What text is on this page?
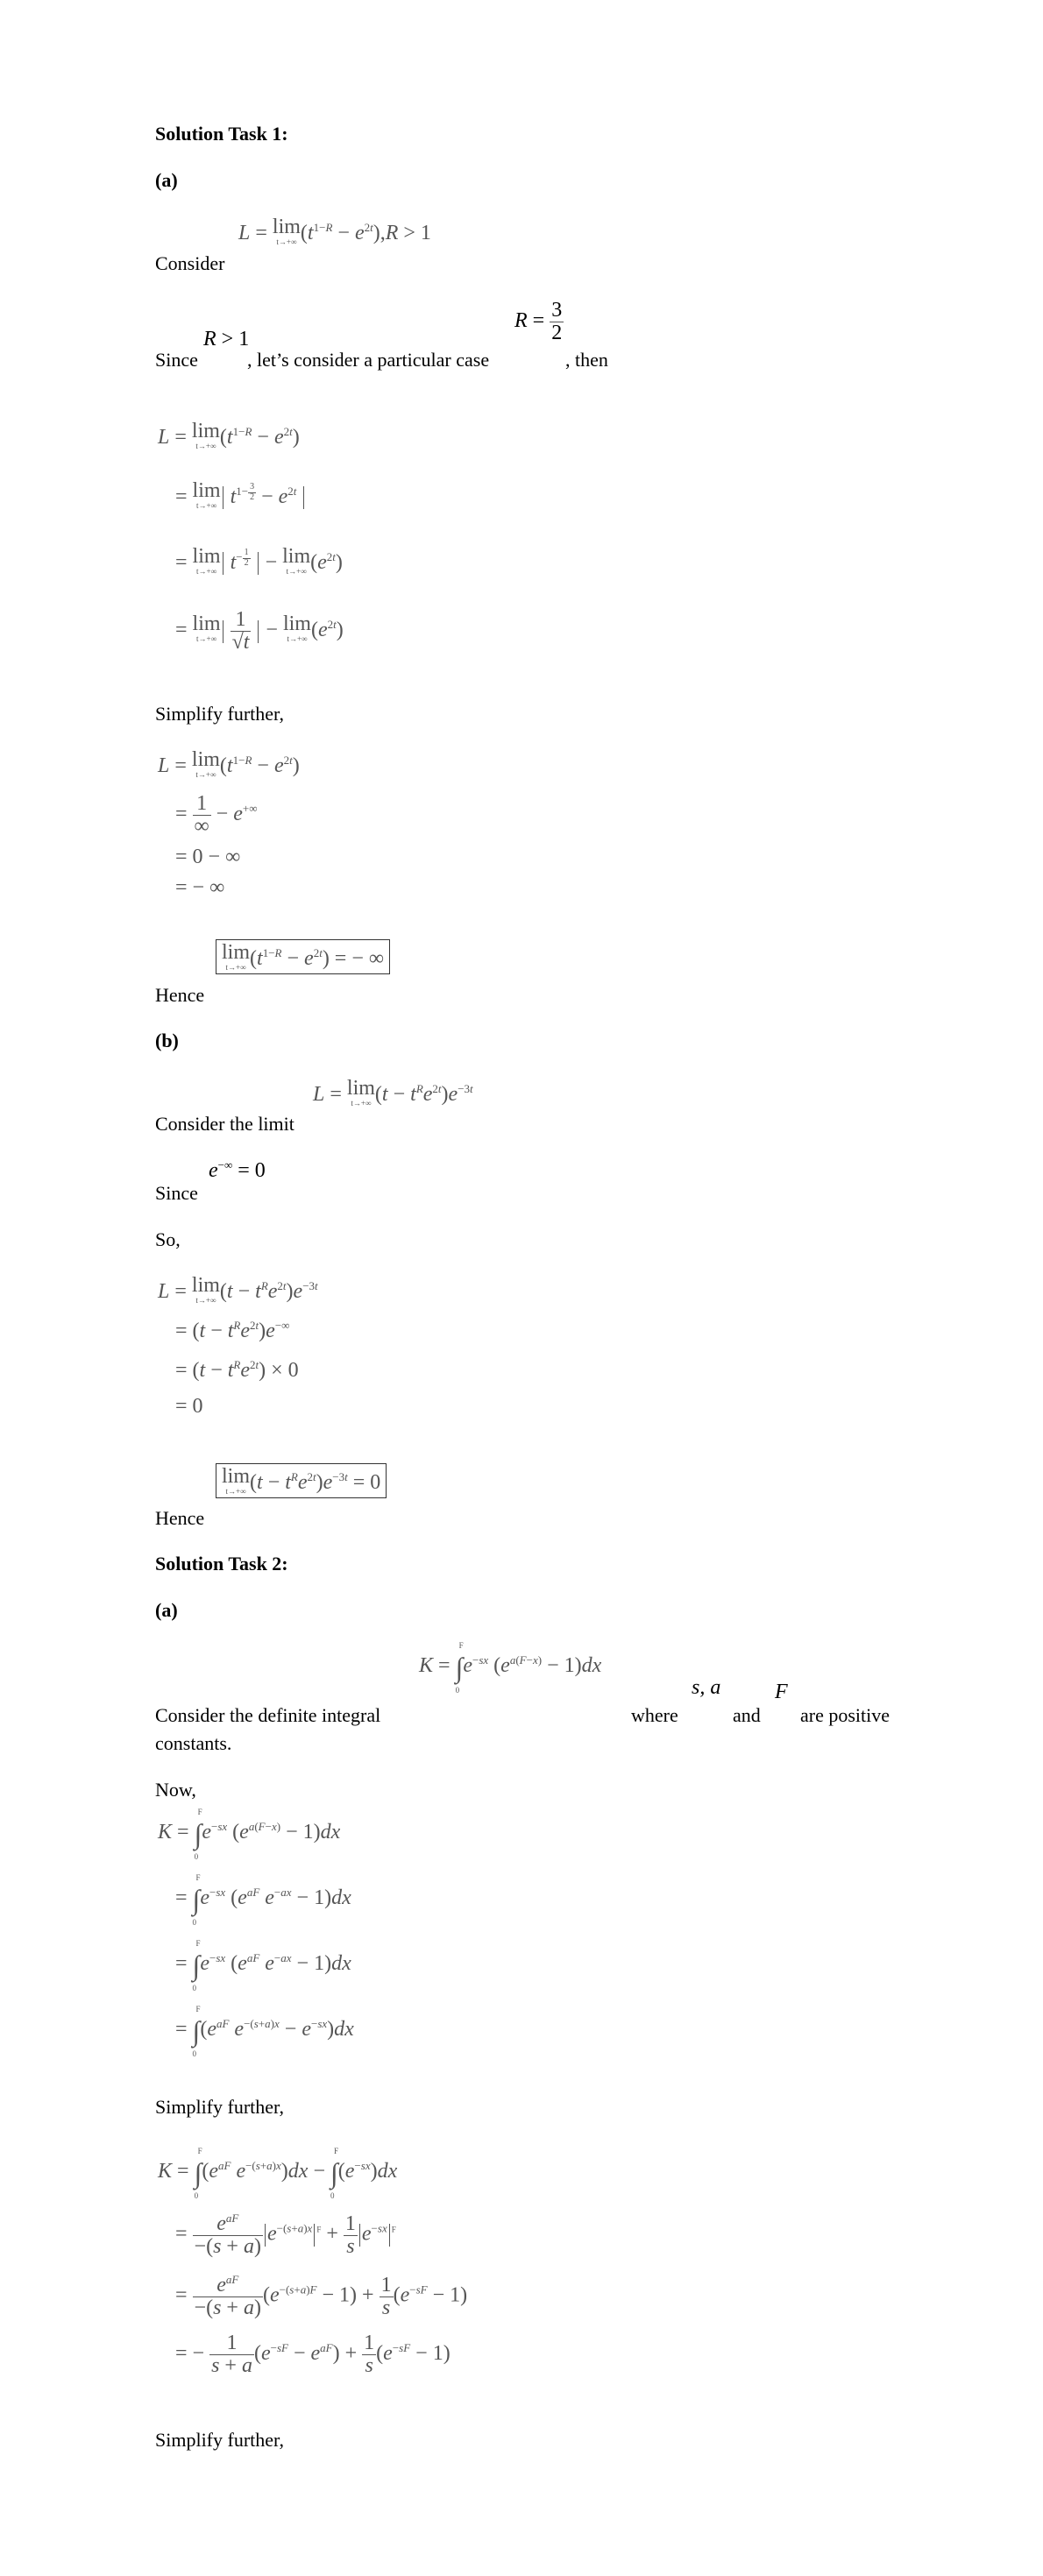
Solution Task 1:
(a)
L = lim
t→+∞ $(t^{1-R} - e^{2t}),R > 1$
Consider
R > 1
$R = \frac{3}{2}$
Since	, let’s consider a particular case	, then
L = lim
t→+∞ $(t^{1-R} - e^{2t})$
= lim
t→+∞ $t^{1- \frac{3}{2}} - e^{2t}$
= lim
t→+∞ $t^{- \frac{1}{2}} - \lim$
t→+∞ $(e^{2t})$
= lim
t→+∞
$\frac{1}{√t} - \lim$
t→+∞ $(e^{2t})$
Simplify further,
L = lim
t→+∞ $(t^{1-R} - e^{2t})$
= $\frac{1}{\infty} - e^{+\infty}$
= 0 − ∞
= − ∞
lim
t→+∞ $(t^{1-R} - e^{2t})$ = − ∞
Hence
(b)
L = lim
t→+∞ $(t - t^Re^{2t})e^{-3t}$
Consider the limit
e−∞ = 0
Since
So,
L = lim
t→+∞ $(t - t^Re^{2t})e^{-3t}$
= $(t - t^Re^{2t})e^{-\infty}$
= $(t - t^Re^{2t}) \times 0$
= 0
lim
t→+∞ $(t - t^Re^{2t})e^{-3t} = 0$
Hence
Solution Task 2:
(a)
K = ∫
F
0
$e^{-sx}$ $(e^{a(F-x)} - 1)dx$
s, a	F
Consider the definite integral	where	and are positive
constants.
Now,
K = ∫
F
0
$e^{-sx}$ $(e^{a(F-x)} - 1)dx$
= ∫
F
0
$e^{-sx}$ ($e^{aF}$ $e^{-ax} - 1)dx$
= ∫
F
0
$e^{-sx}$ ($e^{aF}$ $e^{-ax} - 1)dx$
= ∫
F
0
($e^{aF}$ $e^{-(s+a)x} - e^{-sx})dx$
Simplify further,
K = ∫
F
0
($e^{aF}$ $e^{-(s+a)x})dx$ − ∫
F
0
$(e^{-sx})dx$
= $\frac{e^{aF}}{-(s + a)} e^{-(s+a)x}$ $^F + \frac{1}{s} e^{-sx}$ $^F$
= $\frac{e^{aF}}{-(s + a)} (e^{-(s+a)F} - 1) + \frac{1}{s} (e^{-sF} - 1)$
= − $\frac{1}{s + a} (e^{-sF} - e^{aF}) + \frac{1}{s} (e^{-sF} - 1)$
Simplify further,
